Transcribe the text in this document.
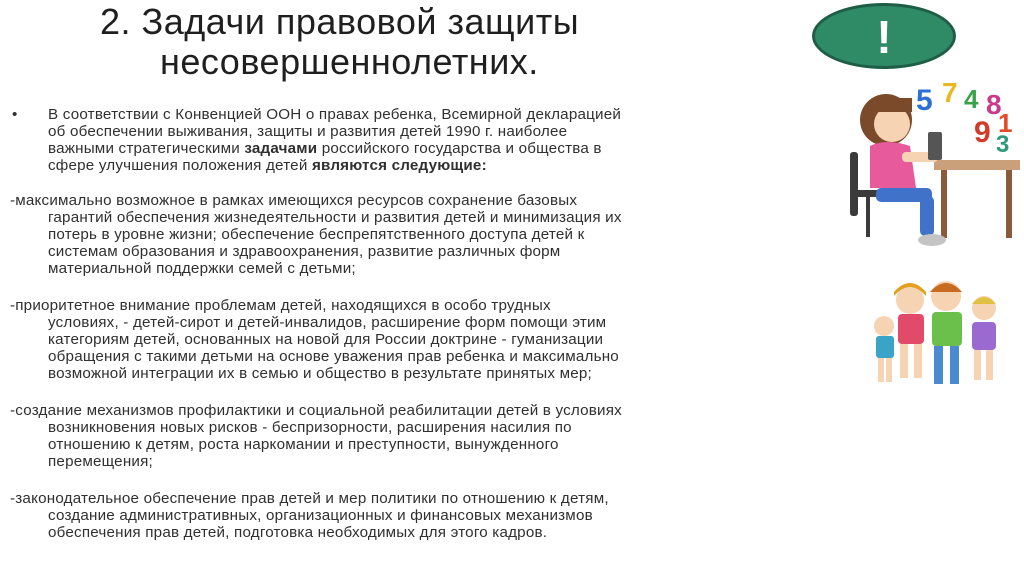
2. Задачи правовой защиты
несовершеннолетних.	!
5 7 4 8
1
9 3
• В соответствии с Конвенцией ООН о правах ребенка, Всемирной декларацией
об обеспечении выживания, защиты и развития детей 1990 г. наиболее
важными стратегическими задачами российского государства и общества в
сфере улучшения положения детей являются следующие:
-максимально возможное в рамках имеющихся ресурсов сохранение базовых
гарантий обеспечения жизнедеятельности и развития детей и минимизация их
потерь в уровне жизни; обеспечение беспрепятственного доступа детей к
системам образования и здравоохранения, развитие различных форм
материальной поддержки семей с детьми;
-приоритетное внимание проблемам детей, находящихся в особо трудных
условиях, - детей-сирот и детей-инвалидов, расширение форм помощи этим
категориям детей, основанных на новой для России доктрине - гуманизации
обращения с такими детьми на основе уважения прав ребенка и максимально
возможной интеграции их в семью и общество в результате принятых мер;
-создание механизмов профилактики и социальной реабилитации детей в условиях
возникновения новых рисков - беспризорности, расширения насилия по
отношению к детям, роста наркомании и преступности, вынужденного
перемещения;
-законодательное обеспечение прав детей и мер политики по отношению к детям,
создание административных, организационных и финансовых механизмов
обеспечения прав детей, подготовка необходимых для этого кадров.
